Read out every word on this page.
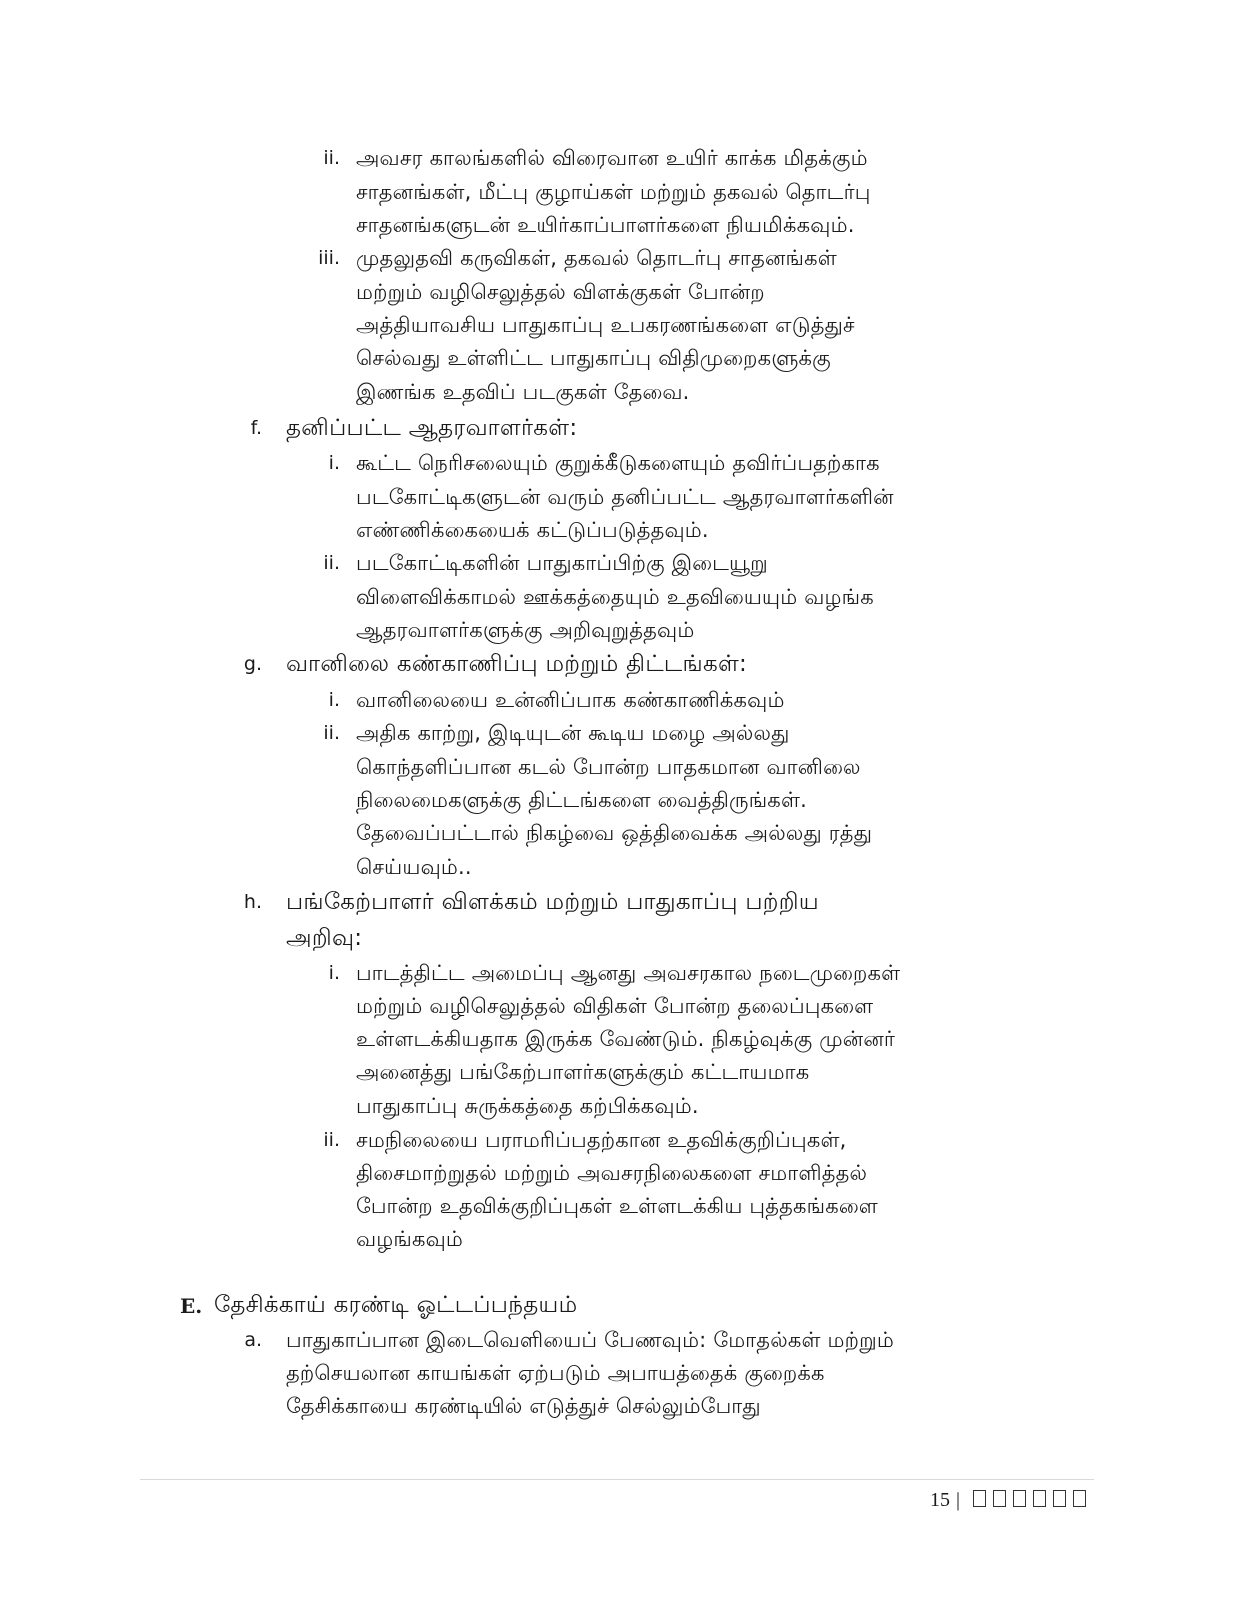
ii. அவசர காலங்களில் விரைவான உயிர் காக்க மிதக்கும்
சாதனங்கள், மீட்பு குழாய்கள் மற்றும் தகவல் தொடர்பு
சாதனங்களுடன் உயிர்காப்பாளர்களை நியமிக்கவும்.
iii. முதலுதவி கருவிகள், தகவல் தொடர்பு சாதனங்கள்
மற்றும் வழிசெலுத்தல் விளக்குகள் போன்ற
அத்தியாவசிய பாதுகாப்பு உபகரணங்களை எடுத்துச்
செல்வது உள்ளிட்ட பாதுகாப்பு விதிமுறைகளுக்கு
இணங்க உதவிப் படகுகள் தேவை.
f. தனிப்பட்ட ஆதரவாளர்கள்:
i. கூட்ட நெரிசலையும் குறுக்கீடுகளையும் தவிர்ப்பதற்காக
படகோட்டிகளுடன் வரும் தனிப்பட்ட ஆதரவாளர்களின்
எண்ணிக்கையைக் கட்டுப்படுத்தவும்.
ii. படகோட்டிகளின் பாதுகாப்பிற்கு இடையூறு
விளைவிக்காமல் ஊக்கத்தையும் உதவியையும் வழங்க
ஆதரவாளர்களுக்கு அறிவுறுத்தவும்
g. வானிலை கண்காணிப்பு மற்றும் திட்டங்கள்:
i. வானிலையை உன்னிப்பாக கண்காணிக்கவும்
ii. அதிக காற்று, இடியுடன் கூடிய மழை அல்லது
கொந்தளிப்பான கடல் போன்ற பாதகமான வானிலை
நிலைமைகளுக்கு திட்டங்களை வைத்திருங்கள்.
தேவைப்பட்டால் நிகழ்வை ஒத்திவைக்க அல்லது ரத்து
செய்யவும்..
h. பங்கேற்பாளர் விளக்கம் மற்றும் பாதுகாப்பு பற்றிய
அறிவு:
i. பாடத்திட்ட அமைப்பு ஆனது அவசரகால நடைமுறைகள்
மற்றும் வழிசெலுத்தல் விதிகள் போன்ற தலைப்புகளை
உள்ளடக்கியதாக இருக்க வேண்டும். நிகழ்வுக்கு முன்னர்
அனைத்து பங்கேற்பாளர்களுக்கும் கட்டாயமாக
பாதுகாப்பு சுருக்கத்தை கற்பிக்கவும்.
ii. சமநிலையை பராமரிப்பதற்கான உதவிக்குறிப்புகள்,
திசைமாற்றுதல் மற்றும் அவசரநிலைகளை சமாளித்தல்
போன்ற உதவிக்குறிப்புகள் உள்ளடக்கிய புத்தகங்களை
வழங்கவும்
E. தேசிக்காய் கரண்டி ஓட்டப்பந்தயம்
a. பாதுகாப்பான இடைவெளியைப் பேணவும்: மோதல்கள் மற்றும்
தற்செயலான காயங்கள் ஏற்படும் அபாயத்தைக் குறைக்க
தேசிக்காயை கரண்டியில் எடுத்துச் செல்லும்போது
15 |
